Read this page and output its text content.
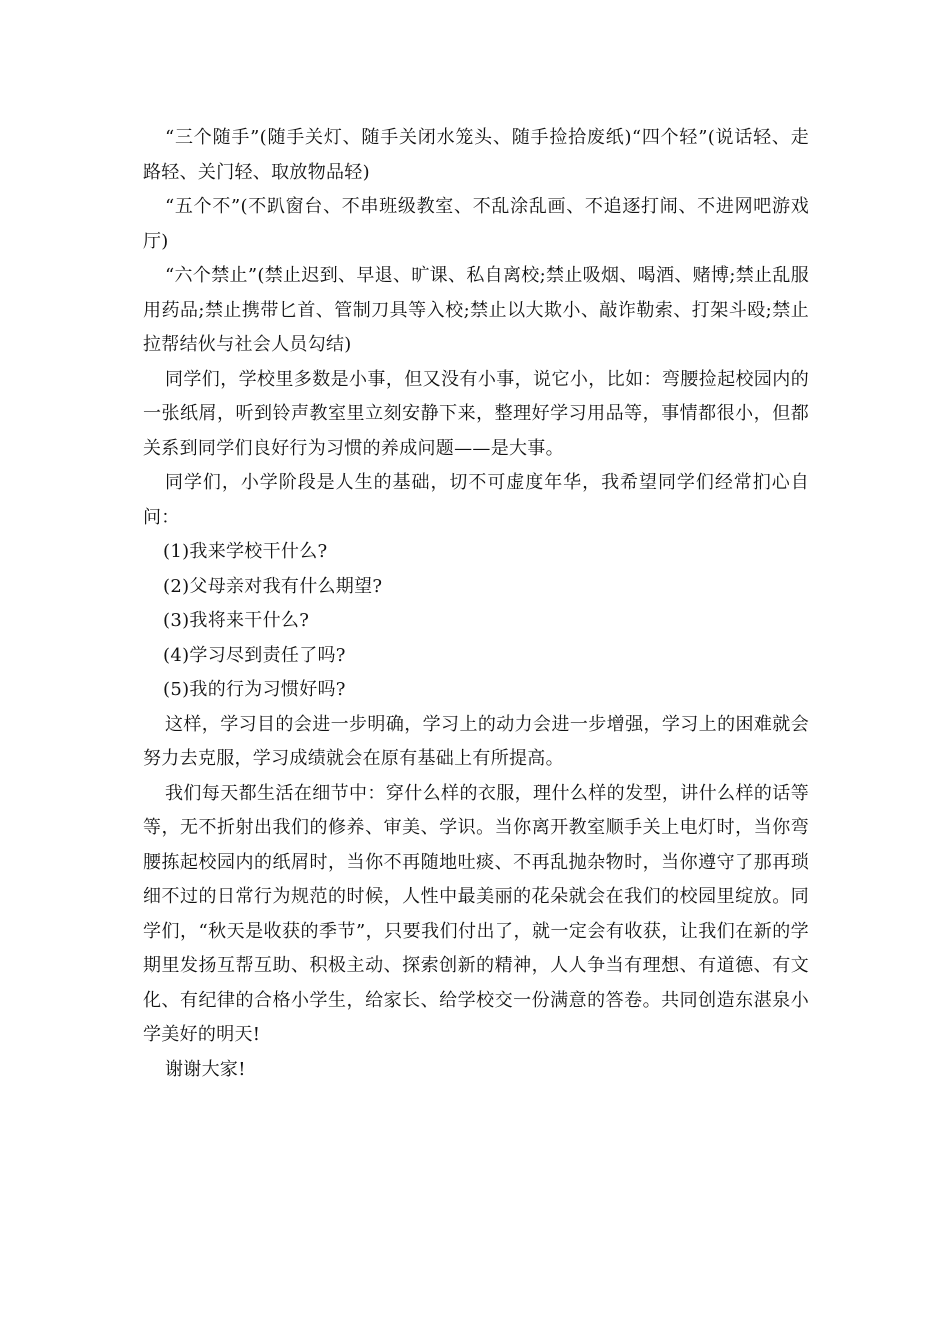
“三个随手”(随手关灯、随手关闭水笼头、随手捡拾废纸)“四个轻”(说话轻、走路轻、关门轻、取放物品轻)

“五个不”(不趴窗台、不串班级教室、不乱涂乱画、不追逐打闹、不进网吧游戏厅)

“六个禁止”(禁止迟到、早退、旷课、私自离校;禁止吸烟、喝酒、赌博;禁止乱服用药品;禁止携带匕首、管制刀具等入校;禁止以大欺小、敲诈勒索、打架斗殴;禁止拉帮结伙与社会人员勾结)

同学们，学校里多数是小事，但又没有小事，说它小，比如：弯腰捡起校园内的一张纸屑，听到铃声教室里立刻安静下来，整理好学习用品等，事情都很小，但都关系到同学们良好行为习惯的养成问题——是大事。

同学们，小学阶段是人生的基础，切不可虚度年华，我希望同学们经常扪心自问：

(1)我来学校干什么?

(2)父母亲对我有什么期望?

(3)我将来干什么?

(4)学习尽到责任了吗?

(5)我的行为习惯好吗?

这样，学习目的会进一步明确，学习上的动力会进一步增强，学习上的困难就会努力去克服，学习成绩就会在原有基础上有所提高。

我们每天都生活在细节中：穿什么样的衣服，理什么样的发型，讲什么样的话等等，无不折射出我们的修养、审美、学识。当你离开教室顺手关上电灯时，当你弯腰拣起校园内的纸屑时，当你不再随地吐痰、不再乱抛杂物时，当你遵守了那再琐细不过的日常行为规范的时候，人性中最美丽的花朵就会在我们的校园里绽放。同学们，“秋天是收获的季节”，只要我们付出了，就一定会有收获，让我们在新的学期里发扬互帮互助、积极主动、探索创新的精神，人人争当有理想、有道德、有文化、有纪律的合格小学生，给家长、给学校交一份满意的答卷。共同创造东湛泉小学美好的明天!

谢谢大家!
